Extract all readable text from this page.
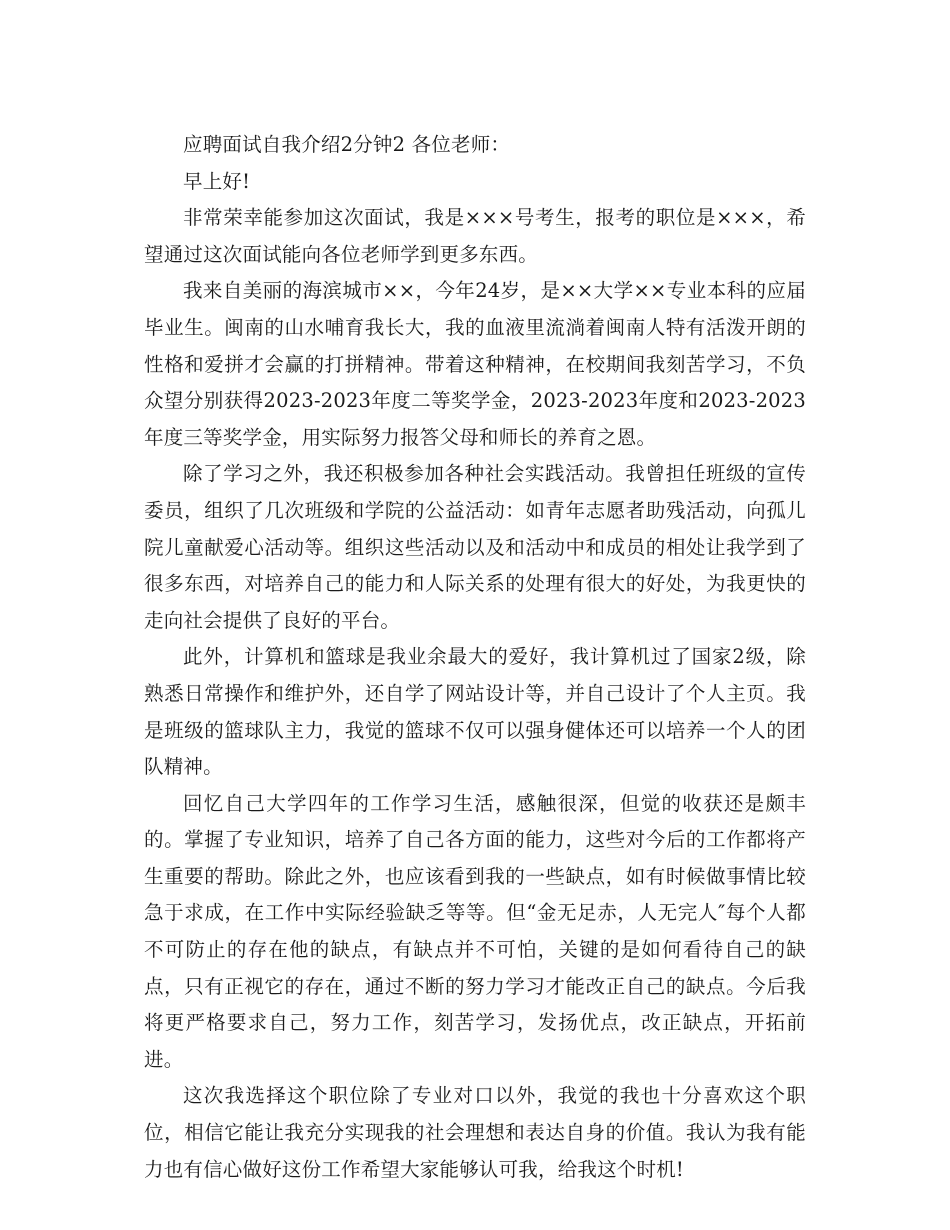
应聘面试自我介绍2分钟2 各位老师：

早上好!

非常荣幸能参加这次面试，我是×××号考生，报考的职位是×××，希望通过这次面试能向各位老师学到更多东西。

我来自美丽的海滨城市××，今年24岁，是××大学××专业本科的应届毕业生。闽南的山水哺育我长大，我的血液里流淌着闽南人特有活泼开朗的性格和爱拼才会赢的打拼精神。带着这种精神，在校期间我刻苦学习，不负众望分别获得2023-2023年度二等奖学金，2023-2023年度和2023-2023年度三等奖学金，用实际努力报答父母和师长的养育之恩。

除了学习之外，我还积极参加各种社会实践活动。我曾担任班级的宣传委员，组织了几次班级和学院的公益活动：如青年志愿者助残活动，向孤儿院儿童献爱心活动等。组织这些活动以及和活动中和成员的相处让我学到了很多东西，对培养自己的能力和人际关系的处理有很大的好处，为我更快的走向社会提供了良好的平台。

此外，计算机和篮球是我业余最大的爱好，我计算机过了国家2级，除熟悉日常操作和维护外，还自学了网站设计等，并自己设计了个人主页。我是班级的篮球队主力，我觉的篮球不仅可以强身健体还可以培养一个人的团队精神。

回忆自己大学四年的工作学习生活，感触很深，但觉的收获还是颇丰的。掌握了专业知识，培养了自己各方面的能力，这些对今后的工作都将产生重要的帮助。除此之外，也应该看到我的一些缺点，如有时候做事情比较急于求成，在工作中实际经验缺乏等等。但“金无足赤，人无完人″每个人都不可防止的存在他的缺点，有缺点并不可怕，关键的是如何看待自己的缺点，只有正视它的存在，通过不断的努力学习才能改正自己的缺点。今后我将更严格要求自己，努力工作，刻苦学习，发扬优点，改正缺点，开拓前进。

这次我选择这个职位除了专业对口以外，我觉的我也十分喜欢这个职位，相信它能让我充分实现我的社会理想和表达自身的价值。我认为我有能力也有信心做好这份工作希望大家能够认可我，给我这个时机!
